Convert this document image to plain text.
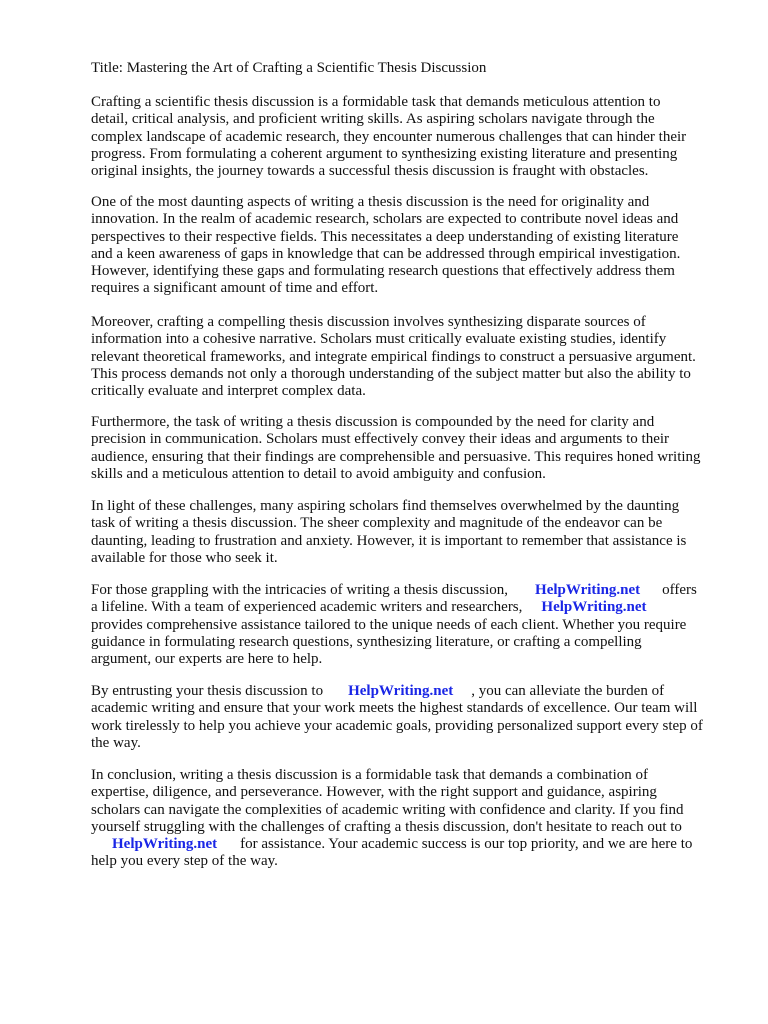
Title: Mastering the Art of Crafting a Scientific Thesis Discussion

Crafting a scientific thesis discussion is a formidable task that demands meticulous attention to
detail, critical analysis, and proficient writing skills. As aspiring scholars navigate through the
complex landscape of academic research, they encounter numerous challenges that can hinder their
progress. From formulating a coherent argument to synthesizing existing literature and presenting
original insights, the journey towards a successful thesis discussion is fraught with obstacles.

One of the most daunting aspects of writing a thesis discussion is the need for originality and
innovation. In the realm of academic research, scholars are expected to contribute novel ideas and
perspectives to their respective fields. This necessitates a deep understanding of existing literature
and a keen awareness of gaps in knowledge that can be addressed through empirical investigation.
However, identifying these gaps and formulating research questions that effectively address them
requires a significant amount of time and effort.

Moreover, crafting a compelling thesis discussion involves synthesizing disparate sources of
information into a cohesive narrative. Scholars must critically evaluate existing studies, identify
relevant theoretical frameworks, and integrate empirical findings to construct a persuasive argument.
This process demands not only a thorough understanding of the subject matter but also the ability to
critically evaluate and interpret complex data.

Furthermore, the task of writing a thesis discussion is compounded by the need for clarity and
precision in communication. Scholars must effectively convey their ideas and arguments to their
audience, ensuring that their findings are comprehensible and persuasive. This requires honed writing
skills and a meticulous attention to detail to avoid ambiguity and confusion.

In light of these challenges, many aspiring scholars find themselves overwhelmed by the daunting
task of writing a thesis discussion. The sheer complexity and magnitude of the endeavor can be
daunting, leading to frustration and anxiety. However, it is important to remember that assistance is
available for those who seek it.

For those grappling with the intricacies of writing a thesis discussion, HelpWriting.net offers
a lifeline. With a team of experienced academic writers and researchers, HelpWriting.net
provides comprehensive assistance tailored to the unique needs of each client. Whether you require
guidance in formulating research questions, synthesizing literature, or crafting a compelling
argument, our experts are here to help.

By entrusting your thesis discussion to HelpWriting.net , you can alleviate the burden of
academic writing and ensure that your work meets the highest standards of excellence. Our team will
work tirelessly to help you achieve your academic goals, providing personalized support every step of
the way.

In conclusion, writing a thesis discussion is a formidable task that demands a combination of
expertise, diligence, and perseverance. However, with the right support and guidance, aspiring
scholars can navigate the complexities of academic writing with confidence and clarity. If you find
yourself struggling with the challenges of crafting a thesis discussion, don't hesitate to reach out to
HelpWriting.net for assistance. Your academic success is our top priority, and we are here to
help you every step of the way.
